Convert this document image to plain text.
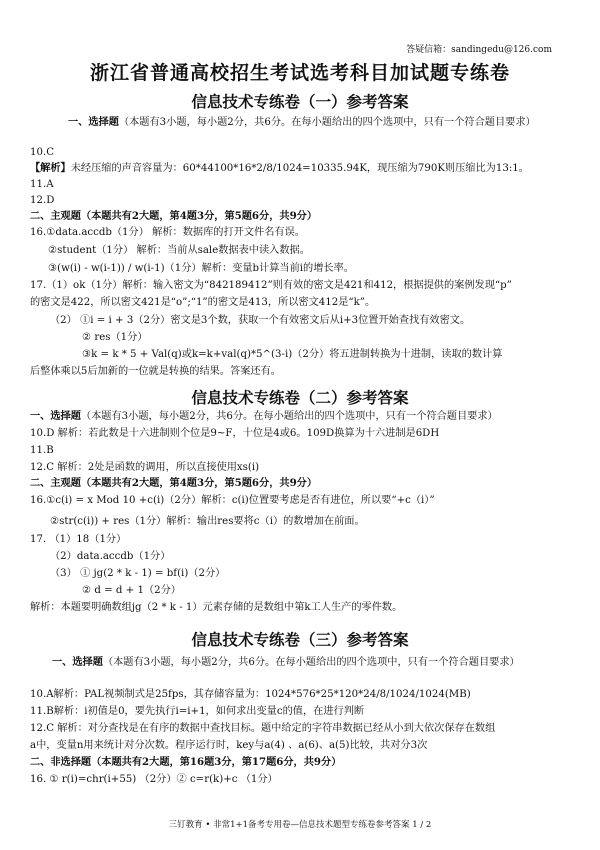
答疑信箱：sandingedu@126.com
浙江省普通高校招生考试选考科目加试题专练卷
信息技术专练卷（一）参考答案
一、选择题（本题有3小题，每小题2分，共6分。在每小题给出的四个选项中，只有一个符合题目要求）
10.C
【解析】未经压缩的声音容量为：60*44100*16*2/8/1024=10335.94K，现压缩为790K则压缩比为13:1。
11.A
12.D
二、主观题（本题共有2大题，第4题3分，第5题6分，共9分）
16.①data.accdb（1分） 解析：数据库的打开文件名有误。
②student（1分） 解析：当前从sale数据表中读入数据。
③(w(i) - w(i-1)) / w(i-1)（1分）解析：变量b计算当前i的增长率。
17.（1）ok（1分）解析：输入密文为“84218941​2”则有效的密文是421和412，根据提供的案例发现“p”
的密文是422，所以密文421是“o”;“1”的密文是413，所以密文412是“k”。
（2） ①i = i + 3（2分）密文是3个数，获取一个有效密文后从i+3位置开始查找有效密文。
② res（1分）
③k = k * 5 + Val(q)或k=k+val(q)*5^(3-i)（2分）将五进制转换为十进制，读取的数计算
后整体乘以5后加新的一位就是转换的结果。答案还有。
信息技术专练卷（二）参考答案
一、选择题（本题有3小题，每小题2分，共6分。在每小题给出的四个选项中，只有一个符合题目要求）
10.D 解析：若此数是十六进制则个位是9~F，十位是4或6。109D换算为十六进制是6DH
11.B
12.C 解析：2处是函数的调用，所以直接使用xs(i)
二、主观题（本题共有2大题，第4题3分，第5题6分，共9分）
16.①c(i) = x Mod 10 +c(i)（2分）解析：c(i)位置要考虑是否有进位，所以要“+c（i）”
②str(c(i)) + res（1分）解析：输出res要将c（i）的数增加在前面。
17. （1）18（1分）
（2）data.accdb（1分）
（3） ① jg(2 * k - 1) = bf(i)（2分）
② d = d + 1（2分）
解析：本题要明确数组jg（2 * k - 1）元素存储的是数组中第k工人生产的零件数。
信息技术专练卷（三）参考答案
一、选择题（本题有3小题，每小题2分，共6分。在每小题给出的四个选项中，只有一个符合题目要求）
10.A解析：PAL视频制式是25fps，其存储容量为：1024*576*25*120*24/8/1024/1024(MB)
11.B解析：i初值是0，要先执行i=i+1，如何求出变量c的值，在进行判断
12.C 解析：对分查找是在有序的数据中查找目标。题中给定的字符串数据已经从小到大依次保存在数组
a中，变量n用来统计对分次数。程序运行时，key与a(4) 、a(6)、a(5)比较，共对分3次
二、非选择题（本题共有2大题，第16题3分，第17题6分，共9分）
16. ① r(i)=chr(i+55) （2分）② c=r(k)+c （1分）
三钉教育 • 非常1+1备考专用卷—信息技术题型专练卷参考答案 1 / 2
